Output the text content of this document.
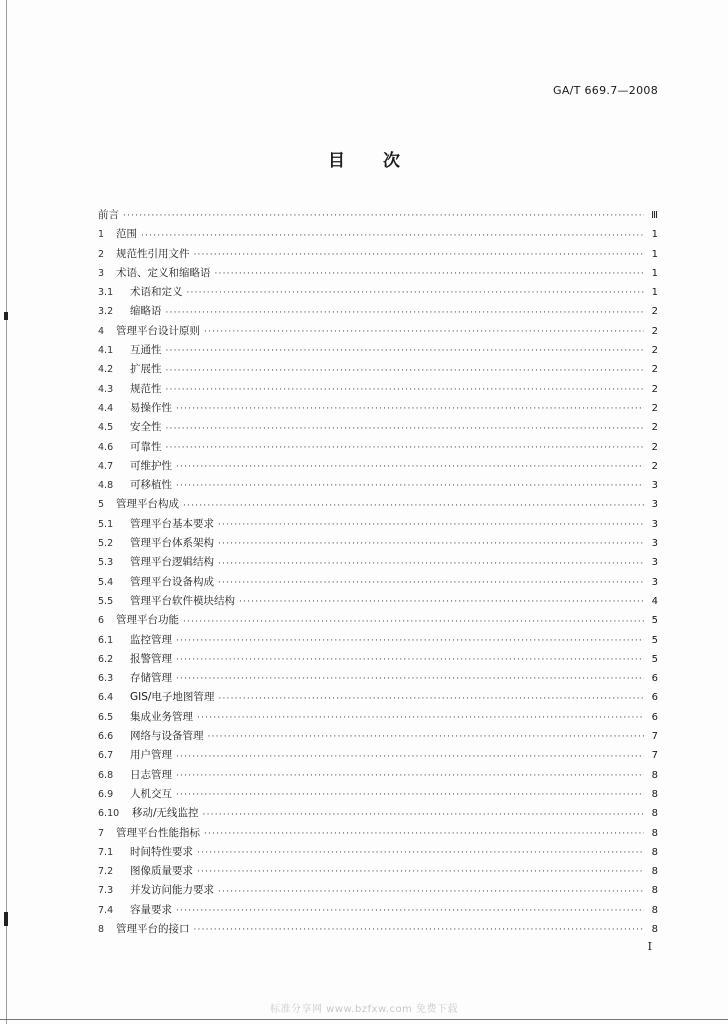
GA/T 669.7—2008
目 次
前言 ·····	Ⅲ
1	范围 ·····	1
2	规范性引用文件 ·····	1
3	术语、定义和缩略语 ·····	1
3.1	术语和定义 ·····	1
3.2	缩略语 ·····	2
4	管理平台设计原则 ·····	2
4.1	互通性 ·····	2
4.2	扩展性 ·····	2
4.3	规范性 ·····	2
4.4	易操作性 ·····	2
4.5	安全性 ·····	2
4.6	可靠性 ·····	2
4.7	可维护性 ·····	2
4.8	可移植性 ·····	3
5	管理平台构成 ·····	3
5.1	管理平台基本要求 ·····	3
5.2	管理平台体系架构 ·····	3
5.3	管理平台逻辑结构 ·····	3
5.4	管理平台设备构成 ·····	3
5.5	管理平台软件模块结构 ·····	4
6	管理平台功能 ·····	5
6.1	监控管理 ·····	5
6.2	报警管理 ·····	5
6.3	存储管理 ·····	6
6.4	GIS/电子地图管理 ·····	6
6.5	集成业务管理 ·····	6
6.6	网络与设备管理 ·····	7
6.7	用户管理 ·····	7
6.8	日志管理 ·····	8
6.9	人机交互 ·····	8
6.10	移动/无线监控 ·····	8
7	管理平台性能指标 ·····	8
7.1	时间特性要求 ·····	8
7.2	图像质量要求 ·····	8
7.3	并发访问能力要求 ·····	8
7.4	容量要求 ·····	8
8	管理平台的接口 ·····	8
I
标准分享网 www.bzfxw.com 免费下载
